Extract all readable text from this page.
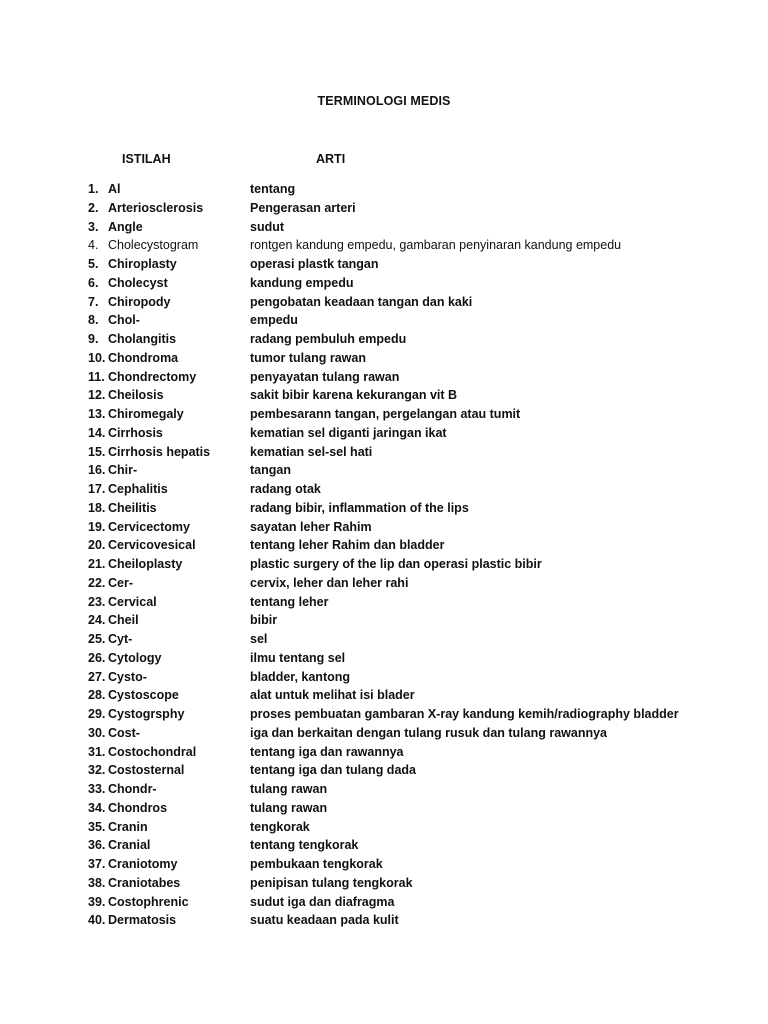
TERMINOLOGI MEDIS
ISTILAH	ARTI
1. Al	tentang
2. Arteriosclerosis	Pengerasan arteri
3. Angle	sudut
4. Cholecystogram	rontgen kandung empedu, gambaran penyinaran kandung empedu
5. Chiroplasty	operasi plastk tangan
6. Cholecyst	kandung empedu
7. Chiropody	pengobatan keadaan tangan dan kaki
8. Chol-	empedu
9. Cholangitis	radang pembuluh empedu
10. Chondroma	tumor tulang rawan
11. Chondrectomy	penyayatan tulang rawan
12. Cheilosis	sakit bibir karena kekurangan vit B
13. Chiromegaly	pembesarann tangan, pergelangan atau tumit
14. Cirrhosis	kematian sel diganti jaringan ikat
15. Cirrhosis hepatis	kematian sel-sel hati
16. Chir-	tangan
17. Cephalitis	radang otak
18. Cheilitis	radang bibir, inflammation of the lips
19. Cervicectomy	sayatan leher Rahim
20. Cervicovesical	tentang leher Rahim dan bladder
21. Cheiloplasty	plastic surgery of the lip dan operasi plastic bibir
22. Cer-	cervix, leher dan leher rahi
23. Cervical	tentang leher
24. Cheil	bibir
25. Cyt-	sel
26. Cytology	ilmu tentang sel
27. Cysto-	bladder, kantong
28. Cystoscope	alat untuk melihat isi blader
29. Cystogrsphy	proses pembuatan gambaran X-ray kandung kemih/radiography bladder
30. Cost-	iga dan berkaitan dengan tulang rusuk dan tulang rawannya
31. Costochondral	tentang iga dan rawannya
32. Costosternal	tentang iga dan tulang dada
33. Chondr-	tulang rawan
34. Chondros	tulang rawan
35. Cranin	tengkorak
36. Cranial	tentang tengkorak
37. Craniotomy	pembukaan tengkorak
38. Craniotabes	penipisan tulang tengkorak
39. Costophrenic	sudut iga dan diafragma
40. Dermatosis	suatu keadaan pada kulit
